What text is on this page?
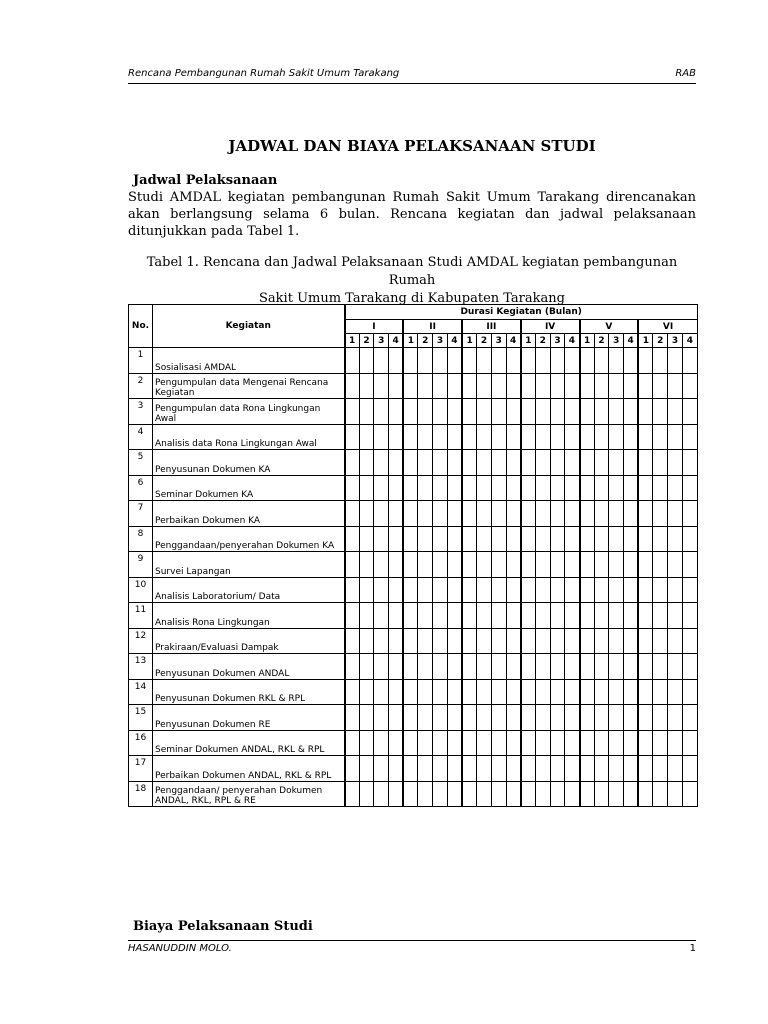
Rencana Pembangunan Rumah Sakit Umum Tarakang	RAB
JADWAL DAN BIAYA PELAKSANAAN STUDI
Jadwal Pelaksanaan
Studi AMDAL kegiatan pembangunan Rumah Sakit Umum Tarakang direncanakan akan berlangsung selama 6 bulan. Rencana kegiatan dan jadwal pelaksanaan ditunjukkan pada Tabel 1.
Tabel 1. Rencana dan Jadwal Pelaksanaan Studi AMDAL kegiatan pembangunan Rumah
Sakit Umum Tarakang di Kabupaten Tarakang
No.	Kegiatan	Durasi Kegiatan (Bulan)																							
		I				II				III				IV				V				VI			
		1	2	3	4	1	2	3	4	1	2	3	4	1	2	3	4	1	2	3	4	1	2	3	4

1	Sosialisasi AMDAL																								

2	Pengumpulan data Mengenai Rencana Kegiatan																								

3	Pengumpulan data Rona Lingkungan Awal																								

4	Analisis data Rona Lingkungan Awal																								

5	Penyusunan Dokumen KA																								

6	Seminar Dokumen KA																								

7	Perbaikan Dokumen KA																								

8	Penggandaan/penyerahan Dokumen KA																								

9	Survei Lapangan																								

10	Analisis Laboratorium/ Data																								

11	Analisis Rona Lingkungan																								

12	Prakiraan/Evaluasi Dampak																								

13	Penyusunan Dokumen ANDAL																								

14	Penyusunan Dokumen RKL & RPL																								

15	Penyusunan Dokumen RE																								

16	Seminar Dokumen ANDAL, RKL & RPL																								

17	Perbaikan Dokumen ANDAL, RKL & RPL																								

18	Penggandaan/ penyerahan Dokumen ANDAL, RKL, RPL & RE																								
Biaya Pelaksanaan Studi
HASANUDDIN MOLO.	1
